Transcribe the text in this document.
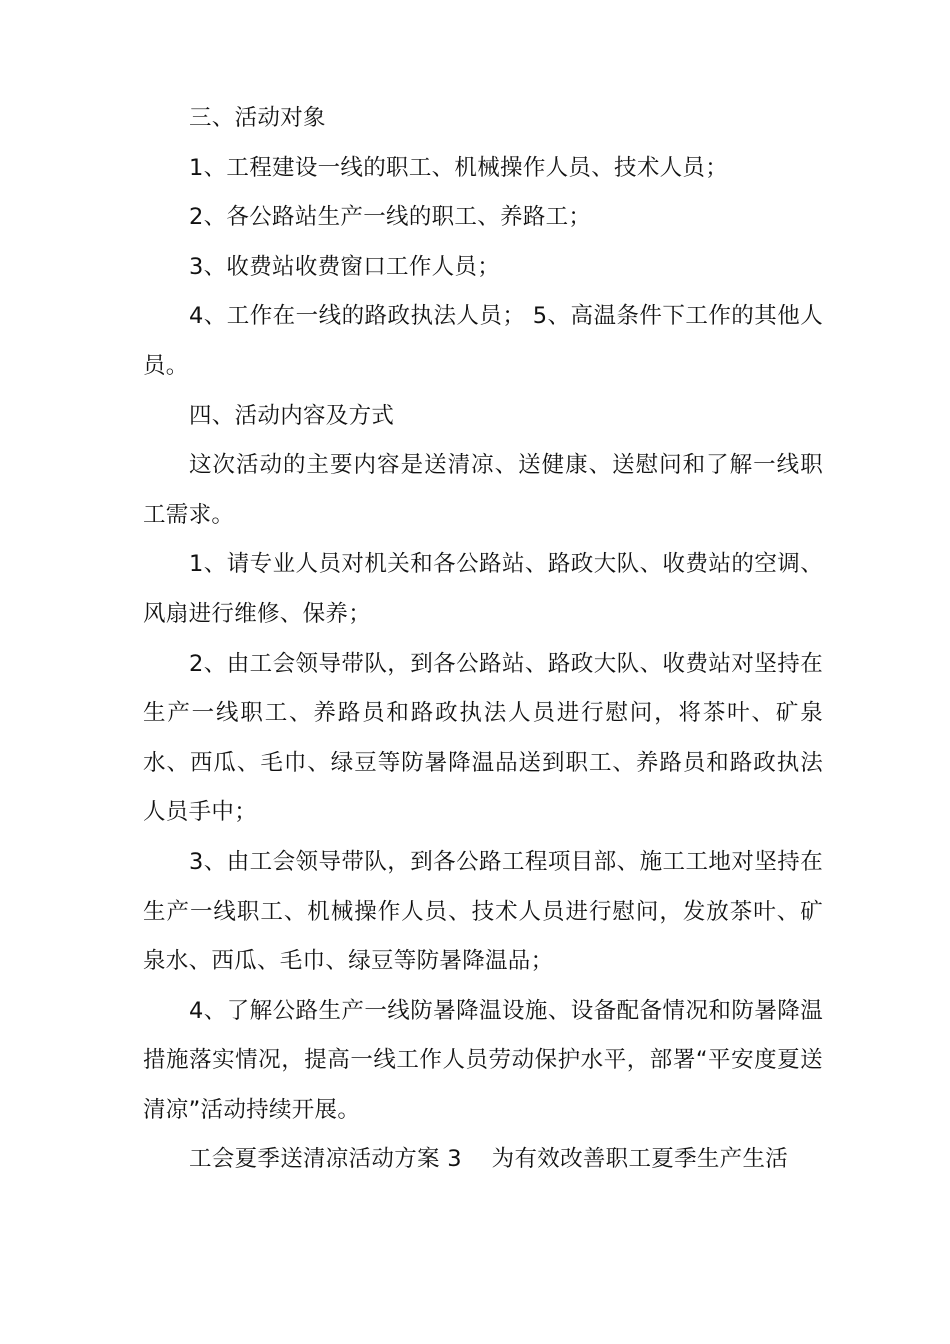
三、活动对象

1、工程建设一线的职工、机械操作人员、技术人员；

2、各公路站生产一线的职工、养路工；

3、收费站收费窗口工作人员；

4、工作在一线的路政执法人员； 5、高温条件下工作的其他人员。

四、活动内容及方式

这次活动的主要内容是送清凉、送健康、送慰问和了解一线职工需求。

1、请专业人员对机关和各公路站、路政大队、收费站的空调、风扇进行维修、保养；

2、由工会领导带队，到各公路站、路政大队、收费站对坚持在生产一线职工、养路员和路政执法人员进行慰问，将茶叶、矿泉水、西瓜、毛巾、绿豆等防暑降温品送到职工、养路员和路政执法人员手中；

3、由工会领导带队，到各公路工程项目部、施工工地对坚持在生产一线职工、机械操作人员、技术人员进行慰问，发放茶叶、矿泉水、西瓜、毛巾、绿豆等防暑降温品；

4、了解公路生产一线防暑降温设施、设备配备情况和防暑降温措施落实情况，提高一线工作人员劳动保护水平，部署“平安度夏送清凉”活动持续开展。

工会夏季送清凉活动方案 3    为有效改善职工夏季生产生活
